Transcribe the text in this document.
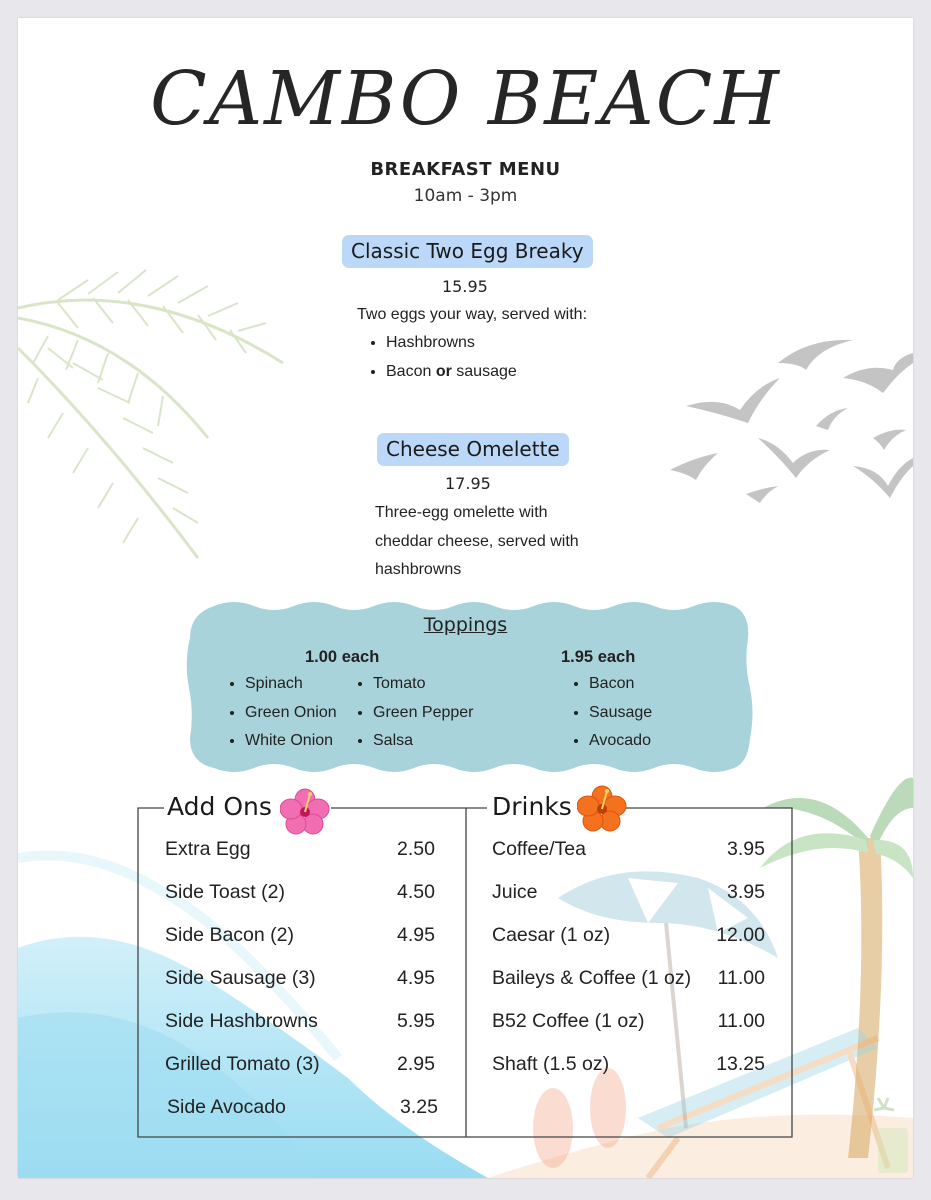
CAMBO BEACH
BREAKFAST MENU
10am - 3pm
Classic Two Egg Breaky
15.95
Two eggs your way, served with:
• Hashbrowns
• Bacon or sausage
Cheese Omelette
17.95
Three-egg omelette with
cheddar cheese, served with
hashbrowns
Toppings
1.00 each
• Spinach
• Green Onion
• White Onion
• Tomato
• Green Pepper
• Salsa
1.95 each
• Bacon
• Sausage
• Avocado
Add Ons	Drinks
Extra Egg	2.50
Side Toast (2)	4.50
Side Bacon (2)	4.95
Side Sausage (3)	4.95
Side Hashbrowns	5.95
Grilled Tomato (3)	2.95
Side Avocado	3.25
Coffee/Tea	3.95
Juice	3.95
Caesar (1 oz)	12.00
Baileys & Coffee (1 oz) 11.00
B52 Coffee (1 oz)	11.00
Shaft (1.5 oz)	13.25
